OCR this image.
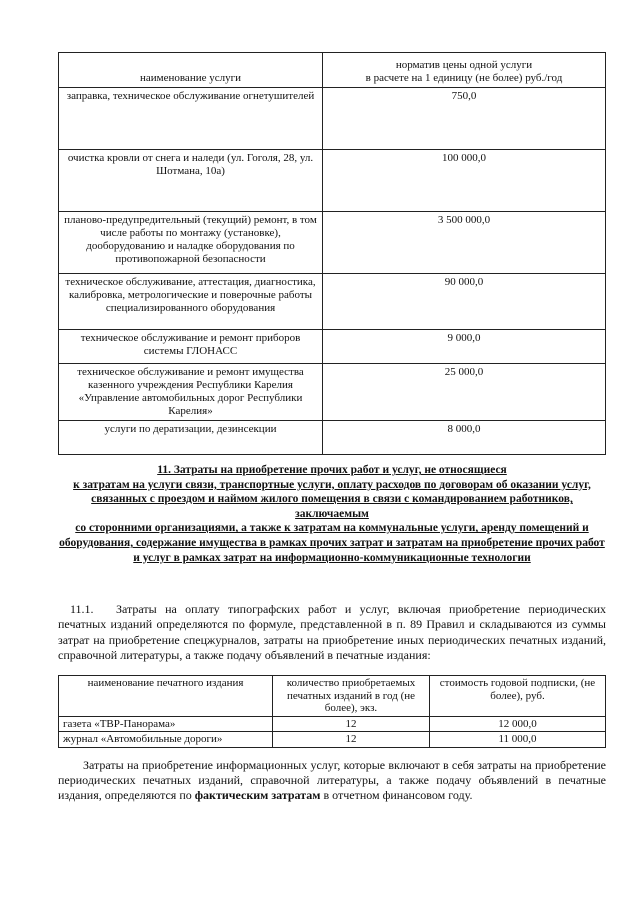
наименование услуги	норматив цены одной услуги
в расчете на 1 единицу (не более) руб./год

заправка, техническое обслуживание огнетушителей	750,0
очистка кровли от снега и наледи (ул. Гоголя, 28, ул. Шотмана, 10а)	100 000,0
планово-предупредительный (текущий) ремонт, в том числе работы по монтажу (установке), дооборудованию и наладке оборудования по противопожарной безопасности	3 500 000,0
техническое обслуживание, аттестация, диагностика, калибровка, метрологические и поверочные работы специализированного оборудования	90 000,0
техническое обслуживание и ремонт приборов системы ГЛОНАСС	9 000,0
техническое обслуживание и ремонт имущества казенного учреждения Республики Карелия «Управление автомобильных дорог Республики Карелия»	25 000,0
услуги по дератизации, дезинсекции	8 000,0
11. Затраты на приобретение прочих работ и услуг, не относящиеся
к затратам на услуги связи, транспортные услуги, оплату расходов по договорам об оказании услуг, связанных с проездом и наймом жилого помещения в связи с командированием работников, заключаемым
со сторонними организациями, а также к затратам на коммунальные услуги, аренду помещений и оборудования, содержание имущества в рамках прочих затрат и затратам на приобретение прочих работ и услуг в рамках затрат на информационно-коммуникационные технологии
11.1. Затраты на оплату типографских работ и услуг, включая приобретение периодических печатных изданий определяются по формуле, представленной в п. 89 Правил и складываются из суммы затрат на приобретение спецжурналов, затраты на приобретение иных периодических печатных изданий, справочной литературы, а также подачу объявлений в печатные издания:
наименование печатного издания	количество приобретаемых печатных изданий в год (не более), экз.	стоимость годовой подписки, (не более), руб.
газета «ТВР-Панорама»	12	12 000,0
журнал «Автомобильные дороги»	12	11 000,0
Затраты на приобретение информационных услуг, которые включают в себя затраты на приобретение периодических печатных изданий, справочной литературы, а также подачу объявлений в печатные издания, определяются по фактическим затратам в отчетном финансовом году.
